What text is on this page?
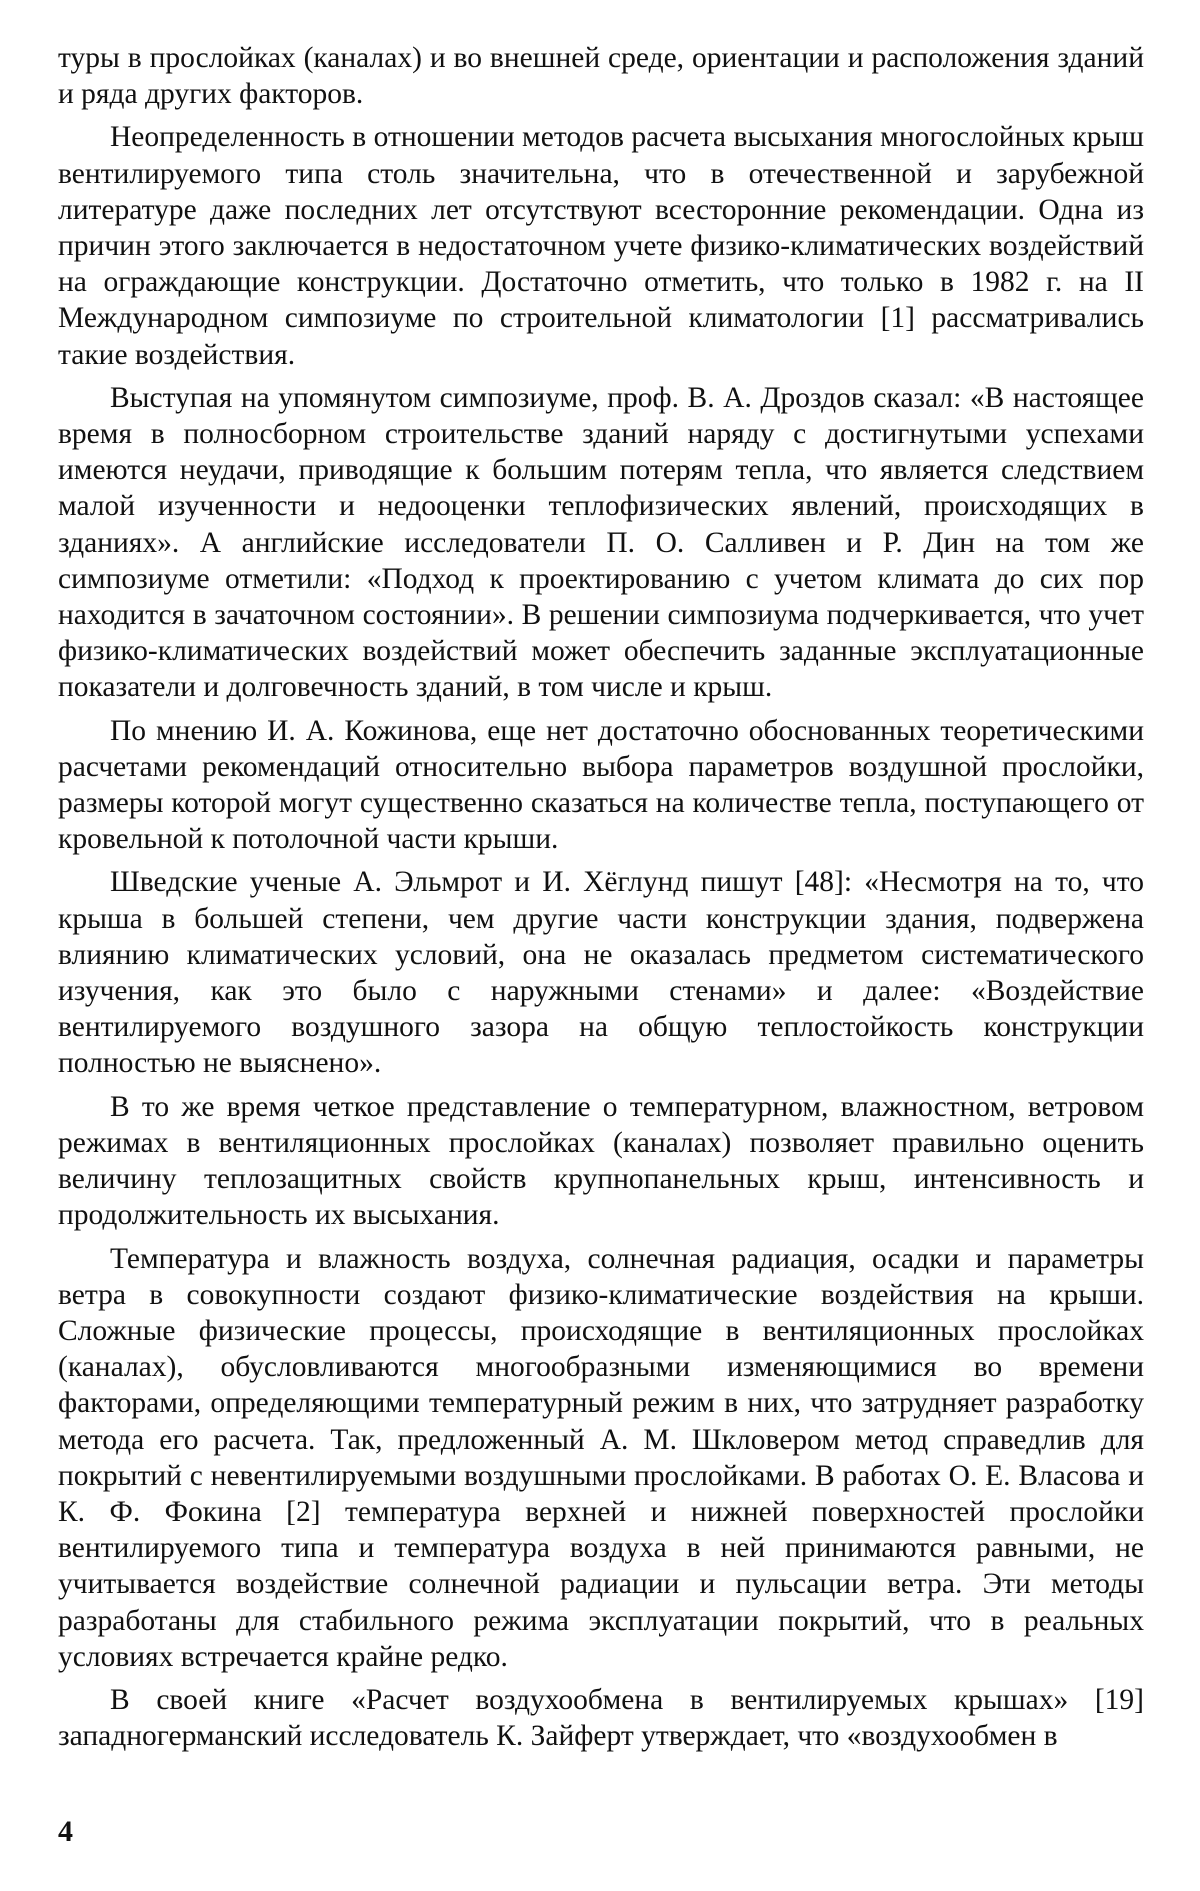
туры в прослойках (каналах) и во внешней среде, ориентации и расположения зданий и ряда других факторов.

Неопределенность в отношении методов расчета высыхания многослойных крыш вентилируемого типа столь значительна, что в отечественной и зарубежной литературе даже последних лет отсутствуют всесторонние рекомендации. Одна из причин этого заключается в недостаточном учете физико-климатических воздействий на ограждающие конструкции. Достаточно отметить, что только в 1982 г. на II Международном симпозиуме по строительной климатологии [1] рассматривались такие воздействия.

Выступая на упомянутом симпозиуме, проф. В. А. Дроздов сказал: «В настоящее время в полносборном строительстве зданий наряду с достигнутыми успехами имеются неудачи, приводящие к большим потерям тепла, что является следствием малой изученности и недооценки теплофизических явлений, происходящих в зданиях». А английские исследователи П. О. Салливен и Р. Дин на том же симпозиуме отметили: «Подход к проектированию с учетом климата до сих пор находится в зачаточном состоянии». В решении симпозиума подчеркивается, что учет физико-климатических воздействий может обеспечить заданные эксплуатационные показатели и долговечность зданий, в том числе и крыш.

По мнению И. А. Кожинова, еще нет достаточно обоснованных теоретическими расчетами рекомендаций относительно выбора параметров воздушной прослойки, размеры которой могут существенно сказаться на количестве тепла, поступающего от кровельной к потолочной части крыши.

Шведские ученые А. Эльмрот и И. Хёглунд пишут [48]: «Несмотря на то, что крыша в большей степени, чем другие части конструкции здания, подвержена влиянию климатических условий, она не оказалась предметом систематического изучения, как это было с наружными стенами» и далее: «Воздействие вентилируемого воздушного зазора на общую теплостойкость конструкции полностью не выяснено».

В то же время четкое представление о температурном, влажностном, ветровом режимах в вентиляционных прослойках (каналах) позволяет правильно оценить величину теплозащитных свойств крупнопанельных крыш, интенсивность и продолжительность их высыхания.

Температура и влажность воздуха, солнечная радиация, осадки и параметры ветра в совокупности создают физико-климатические воздействия на крыши. Сложные физические процессы, происходящие в вентиляционных прослойках (каналах), обусловливаются многообразными изменяющимися во времени факторами, определяющими температурный режим в них, что затрудняет разработку метода его расчета. Так, предложенный А. М. Шкловером метод справедлив для покрытий с невентилируемыми воздушными прослойками. В работах О. Е. Власова и К. Ф. Фокина [2] температура верхней и нижней поверхностей прослойки вентилируемого типа и температура воздуха в ней принимаются равными, не учитывается воздействие солнечной радиации и пульсации ветра. Эти методы разработаны для стабильного режима эксплуатации покрытий, что в реальных условиях встречается крайне редко.

В своей книге «Расчет воздухообмена в вентилируемых крышах» [19] западногерманский исследователь К. Зайферт утверждает, что «воздухообмен в

4
